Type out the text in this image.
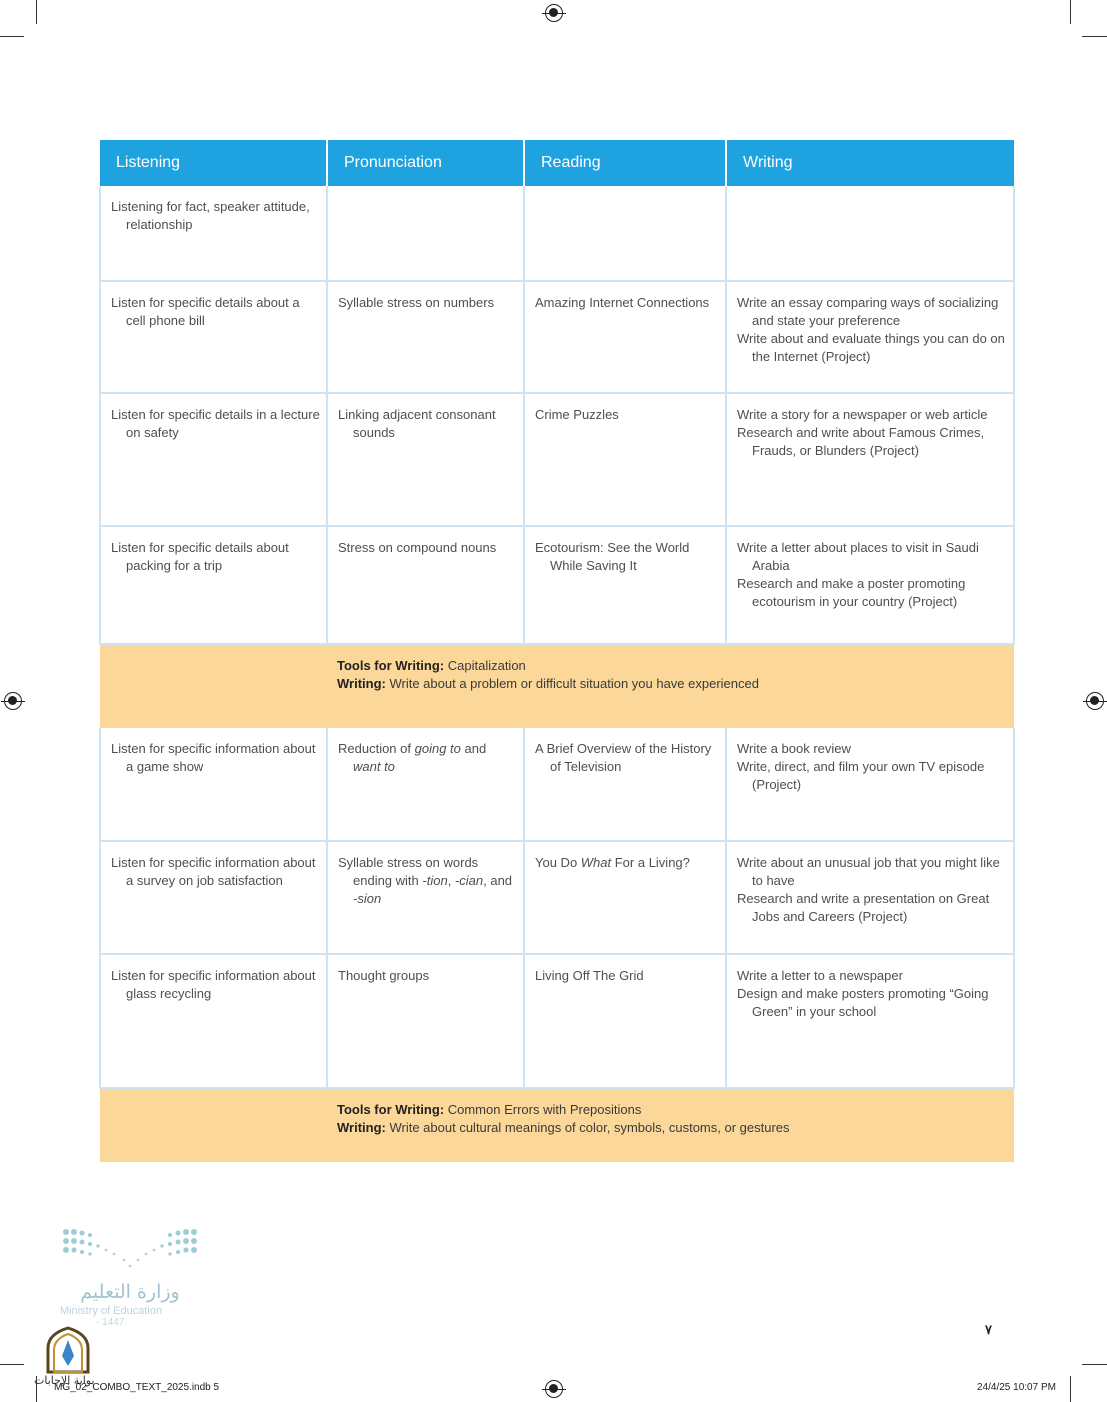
Listening	Pronunciation	Reading	Writing

Listening for fact, speaker attitude, relationship			

Listen for specific details about a cell phone bill	Syllable stress on numbers	Amazing Internet Connections	Write an essay comparing ways of socializing and state your preference
Write about and evaluate things you can do on the Internet (Project)

Listen for specific details in a lecture on safety	Linking adjacent consonant sounds	Crime Puzzles	Write a story for a newspaper or web article
Research and write about Famous Crimes, Frauds, or Blunders (Project)

Listen for specific details about packing for a trip	Stress on compound nouns	Ecotourism: See the World While Saving It	Write a letter about places to visit in Saudi Arabia
Research and make a poster promoting ecotourism in your country (Project)

Tools for Writing: Capitalization
Writing: Write about a problem or difficult situation you have experienced			

Listen for specific information about a game show	Reduction of going to and want to	A Brief Overview of the History of Television	Write a book review
Write, direct, and film your own TV episode (Project)

Listen for specific information about a survey on job satisfaction	Syllable stress on words ending with -tion, -cian, and -sion	You Do What For a Living?	Write about an unusual job that you might like to have
Research and write a presentation on Great Jobs and Careers (Project)

Listen for specific information about glass recycling	Thought groups	Living Off The Grid	Write a letter to a newspaper
Design and make posters promoting “Going Green” in your school

Tools for Writing: Common Errors with Prepositions
Writing: Write about cultural meanings of color, symbols, customs, or gestures			
وزارة التعليم
Ministry of Education
- 1447
بوابة الإجابات
٧
MG_02_COMBO_TEXT_2025.indb 5	24/4/25 10:07 PM
